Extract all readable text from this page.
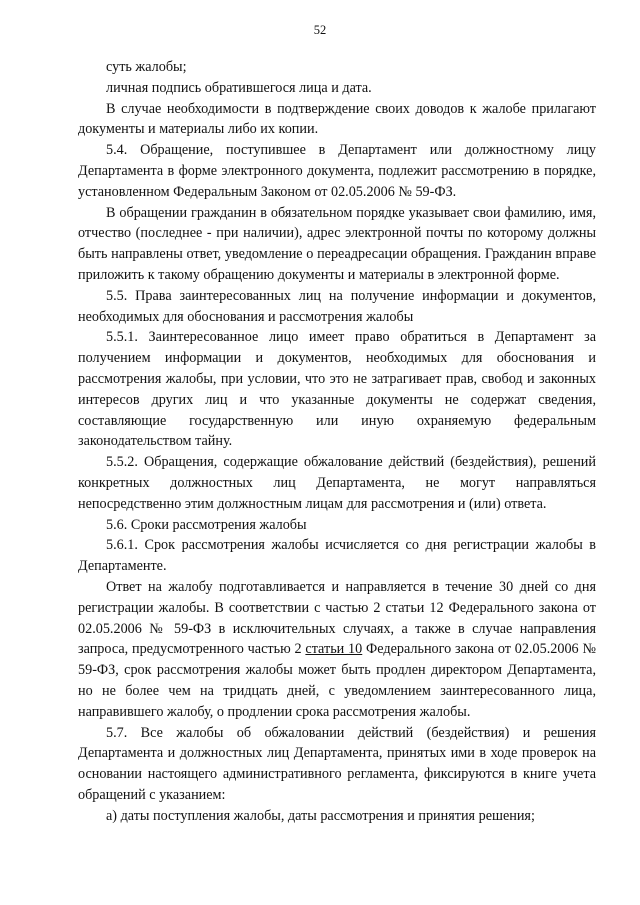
52

суть жалобы;

личная подпись обратившегося лица и дата.

В случае необходимости в подтверждение своих доводов к жалобе прилагают документы и материалы либо их копии.

5.4. Обращение, поступившее в Департамент или должностному лицу Департамента в форме электронного документа, подлежит рассмотрению в порядке, установленном Федеральным Законом от 02.05.2006 № 59-ФЗ.

В обращении гражданин в обязательном порядке указывает свои фамилию, имя, отчество (последнее - при наличии), адрес электронной почты по которому должны быть направлены ответ, уведомление о переадресации обращения. Гражданин вправе приложить к такому обращению документы и материалы в электронной форме.

5.5. Права заинтересованных лиц на получение информации и документов, необходимых для обоснования и рассмотрения жалобы

5.5.1. Заинтересованное лицо имеет право обратиться в Департамент за получением информации и документов, необходимых для обоснования и рассмотрения жалобы, при условии, что это не затрагивает прав, свобод и законных интересов других лиц и что указанные документы не содержат сведения, составляющие государственную или иную охраняемую федеральным законодательством тайну.

5.5.2. Обращения, содержащие обжалование действий (бездействия), решений конкретных должностных лиц Департамента, не могут направляться непосредственно этим должностным лицам для рассмотрения и (или) ответа.

5.6. Сроки рассмотрения жалобы

5.6.1. Срок рассмотрения жалобы исчисляется со дня регистрации жалобы в Департаменте.

Ответ на жалобу подготавливается и направляется в течение 30 дней со дня регистрации жалобы. В соответствии с частью 2 статьи 12 Федерального закона от 02.05.2006 № 59-ФЗ в исключительных случаях, а также в случае направления запроса, предусмотренного частью 2 статьи 10 Федерального закона от 02.05.2006 № 59-ФЗ, срок рассмотрения жалобы может быть продлен директором Департамента, но не более чем на тридцать дней, с уведомлением заинтересованного лица, направившего жалобу, о продлении срока рассмотрения жалобы.

5.7. Все жалобы об обжаловании действий (бездействия) и решения Департамента и должностных лиц Департамента, принятых ими в ходе проверок на основании настоящего административного регламента, фиксируются в книге учета обращений с указанием:

а) даты поступления жалобы, даты рассмотрения и принятия решения;
